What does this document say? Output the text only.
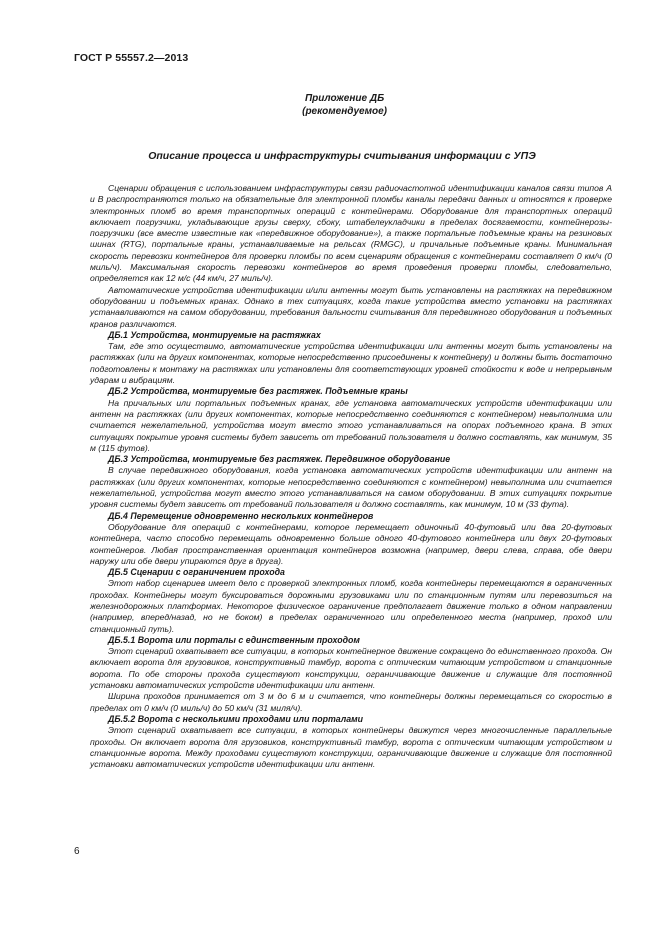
ГОСТ Р 55557.2—2013
Приложение ДБ
(рекомендуемое)
Описание процесса и инфраструктуры считывания информации с УПЭ

Сценарии обращения с использованием инфраструктуры связи радиочастотной идентификации каналов связи типов А и В распространяются только на обязательные для электронной пломбы каналы передачи данных и относятся к проверке электронных пломб во время транспортных операций с контейнерами. Оборудование для транспортных операций включает погрузчики, укладывающие грузы сверху, сбоку, штабелеукладчики в пределах досягаемости, контейнерозы-погрузчики (все вместе известные как «передвижное оборудование»), а также портальные подъемные краны на резиновых шинах (RTG), портальные краны, устанавливаемые на рельсах (RMGC), и причальные подъемные краны. Минимальная скорость перевозки контейнеров для проверки пломбы по всем сценариям обращения с контейнерами составляет 0 км/ч (0 миль/ч). Максимальная скорость перевозки контейнеров во время проведения проверки пломбы, следовательно, определяется как 12 м/с (44 км/ч, 27 миль/ч).

Автоматические устройства идентификации и/или антенны могут быть установлены на растяжках на передвижном оборудовании и подъемных кранах. Однако в тех ситуациях, когда такие устройства вместо установки на растяжках устанавливаются на самом оборудовании, требования дальности считывания для передвижного оборудования и подъемных кранов различаются.

ДБ.1 Устройства, монтируемые на растяжках

Там, где это осуществимо, автоматические устройства идентификации или антенны могут быть установлены на растяжках (или на других компонентах, которые непосредственно присоединены к контейнеру) и должны быть достаточно подготовлены к монтажу на растяжках или установлены для соответствующих уровней стойкости к воде и непрерывным ударам и вибрациям.

ДБ.2 Устройства, монтируемые без растяжек. Подъемные краны

На причальных или портальных подъемных кранах, где установка автоматических устройств идентификации или антенн на растяжках (или других компонентах, которые непосредственно соединяются с контейнером) невыполнима или считается нежелательной, устройства могут вместо этого устанавливаться на опорах подъемного крана. В этих ситуациях покрытие уровня системы будет зависеть от требований пользователя и должно составлять, как минимум, 35 м (115 футов).

ДБ.3 Устройства, монтируемые без растяжек. Передвижное оборудование

В случае передвижного оборудования, когда установка автоматических устройств идентификации или антенн на растяжках (или других компонентах, которые непосредственно соединяются с контейнером) невыполнима или считается нежелательной, устройства могут вместо этого устанавливаться на самом оборудовании. В этих ситуациях покрытие уровня системы будет зависеть от требований пользователя и должно составлять, как минимум, 10 м (33 фута).

ДБ.4 Перемещение одновременно нескольких контейнеров

Оборудование для операций с контейнерами, которое перемещает одиночный 40-футовый или два 20-футовых контейнера, часто способно перемещать одновременно больше одного 40-футового контейнера или двух 20-футовых контейнеров. Любая пространственная ориентация контейнеров возможна (например, двери слева, справа, обе двери наружу или обе двери упираются друг в друга).

ДБ.5 Сценарии с ограничением прохода

Этот набор сценариев имеет дело с проверкой электронных пломб, когда контейнеры перемещаются в ограниченных проходах. Контейнеры могут буксироваться дорожными грузовиками или по станционным путям или перевозиться на железнодорожных платформах. Некоторое физическое ограничение предполагает движение только в одном направлении (например, вперед/назад, но не боком) в пределах ограниченного или определенного места (например, проход или станционный путь).

ДБ.5.1 Ворота или порталы с единственным проходом

Этот сценарий охватывает все ситуации, в которых контейнерное движение сокращено до единственного прохода. Он включает ворота для грузовиков, конструктивный тамбур, ворота с оптическим читающим устройством и станционные ворота. По обе стороны прохода существуют конструкции, ограничивающие движение и служащие для постоянной установки автоматических устройств идентификации или антенн.

Ширина проходов принимается от 3 м до 6 м и считается, что контейнеры должны перемещаться со скоростью в пределах от 0 км/ч (0 миль/ч) до 50 км/ч (31 миля/ч).

ДБ.5.2 Ворота с несколькими проходами или порталами

Этот сценарий охватывает все ситуации, в которых контейнеры движутся через многочисленные параллельные проходы. Он включает ворота для грузовиков, конструктивный тамбур, ворота с оптическим читающим устройством и станционные ворота. Между проходами существуют конструкции, ограничивающие движение и служащие для постоянной установки автоматических устройств идентификации или антенн.

6
